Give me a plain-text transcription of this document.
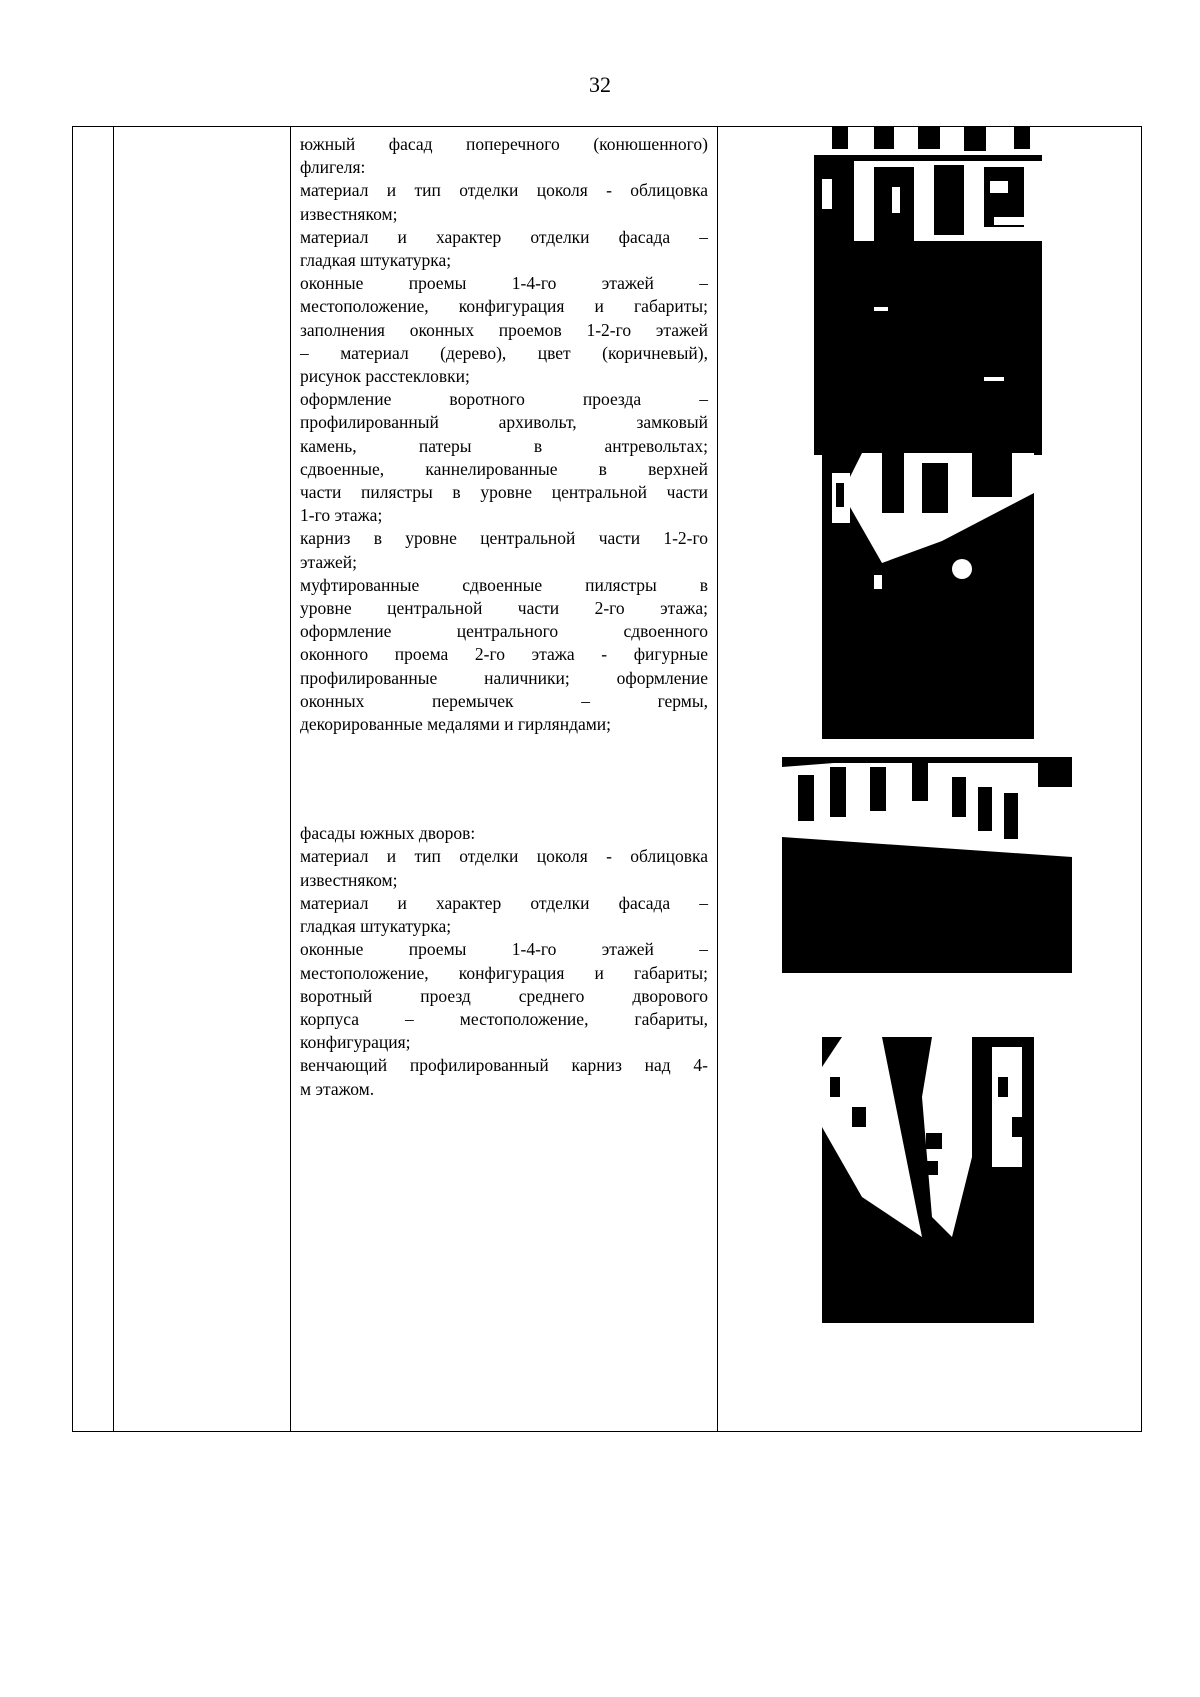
32

южный фасад поперечного (конюшенного)
флигеля:
материал и тип отделки цоколя - облицовка
известняком;
материал и характер отделки фасада –
гладкая штукатурка;
оконные проемы 1-4-го этажей –
местоположение, конфигурация и габариты;
заполнения оконных проемов 1-2-го этажей
– материал (дерево), цвет (коричневый),
рисунок расстекловки;
оформление воротного проезда –
профилированный архивольт, замковый
камень, патеры в антревольтах;
сдвоенные, каннелированные в верхней
части пилястры в уровне центральной части
1-го этажа;
карниз в уровне центральной части 1-2-го
этажей;
муфтированные сдвоенные пилястры в
уровне центральной части 2-го этажа;
оформление центрального сдвоенного
оконного проема 2-го этажа - фигурные
профилированные наличники; оформление
оконных перемычек – гермы,
декорированные медалями и гирляндами;
фасады южных дворов:
материал и тип отделки цоколя - облицовка
известняком;
материал и характер отделки фасада –
гладкая штукатурка;
оконные проемы 1-4-го этажей –
местоположение, конфигурация и габариты;
воротный проезд среднего дворового
корпуса – местоположение, габариты,
конфигурация;
венчающий профилированный карниз над 4-
м этажом.
